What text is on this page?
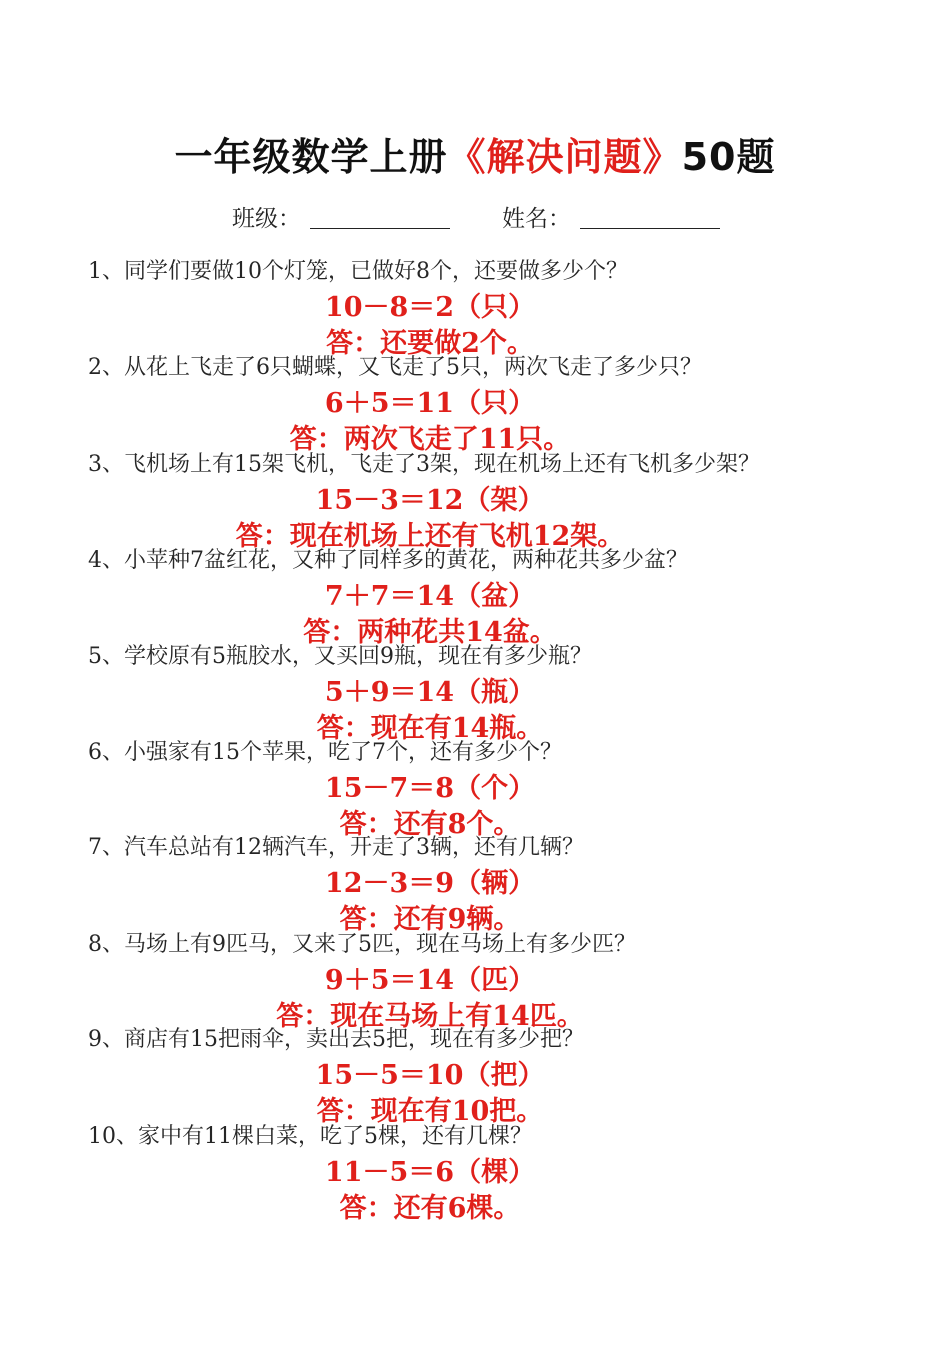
一年级数学上册《解决问题》50题
班级：	姓名：
1、同学们要做10个灯笼，已做好8个，还要做多少个？
10－8＝2（只）
答：还要做2个。
2、从花上飞走了6只蝴蝶，又飞走了5只，两次飞走了多少只？
6＋5＝11（只）
答：两次飞走了11只。
3、飞机场上有15架飞机，飞走了3架，现在机场上还有飞机多少架？
15－3＝12（架）
答：现在机场上还有飞机12架。
4、小苹种7盆红花，又种了同样多的黄花，两种花共多少盆？
7＋7＝14（盆）
答：两种花共14盆。
5、学校原有5瓶胶水，又买回9瓶，现在有多少瓶？
5＋9＝14（瓶）
答：现在有14瓶。
6、小强家有15个苹果，吃了7个，还有多少个？
15－7＝8（个）
答：还有8个。
7、汽车总站有12辆汽车，开走了3辆，还有几辆？
12－3＝9（辆）
答：还有9辆。
8、马场上有9匹马，又来了5匹，现在马场上有多少匹？
9＋5＝14（匹）
答：现在马场上有14匹。
9、商店有15把雨伞，卖出去5把，现在有多少把？
15－5＝10（把）
答：现在有10把。
10、家中有11棵白菜，吃了5棵，还有几棵？
11－5＝6（棵）
答：还有6棵。
